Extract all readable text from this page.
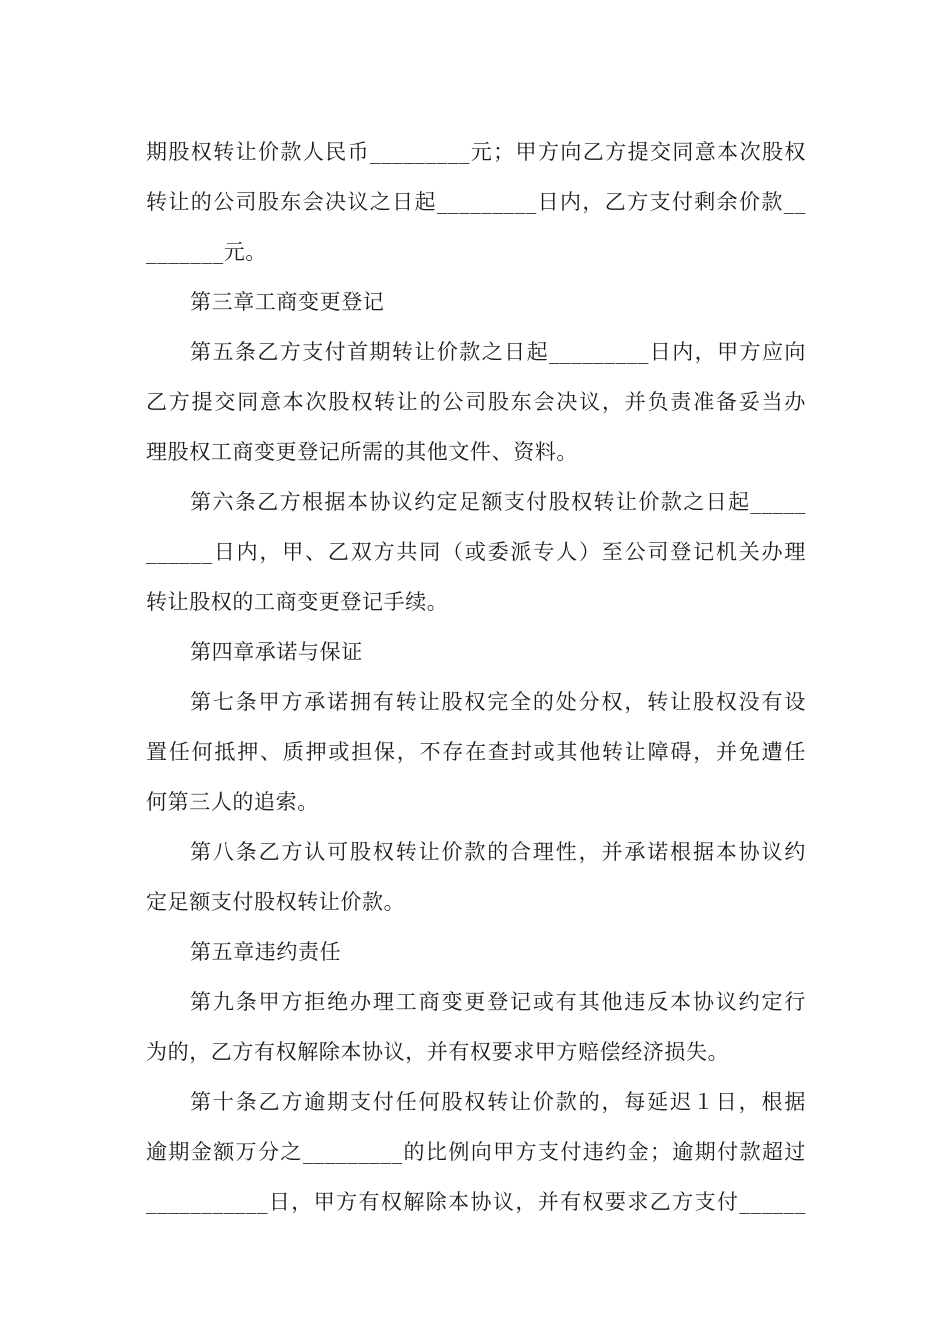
期股权转让价款人民币_________元；甲方向乙方提交同意本次股权
转让的公司股东会决议之日起_________日内，乙方支付剩余价款__
_______元。
第三章工商变更登记
第五条乙方支付首期转让价款之日起_________日内，甲方应向
乙方提交同意本次股权转让的公司股东会决议，并负责准备妥当办
理股权工商变更登记所需的其他文件、资料。
第六条乙方根据本协议约定足额支付股权转让价款之日起_____
______日内，甲、乙双方共同（或委派专人）至公司登记机关办理
转让股权的工商变更登记手续。
第四章承诺与保证
第七条甲方承诺拥有转让股权完全的处分权，转让股权没有设
置任何抵押、质押或担保，不存在查封或其他转让障碍，并免遭任
何第三人的追索。
第八条乙方认可股权转让价款的合理性，并承诺根据本协议约
定足额支付股权转让价款。
第五章违约责任
第九条甲方拒绝办理工商变更登记或有其他违反本协议约定行
为的，乙方有权解除本协议，并有权要求甲方赔偿经济损失。
第十条乙方逾期支付任何股权转让价款的，每延迟１日，根据
逾期金额万分之_________的比例向甲方支付违约金；逾期付款超过
___________日，甲方有权解除本协议，并有权要求乙方支付______
